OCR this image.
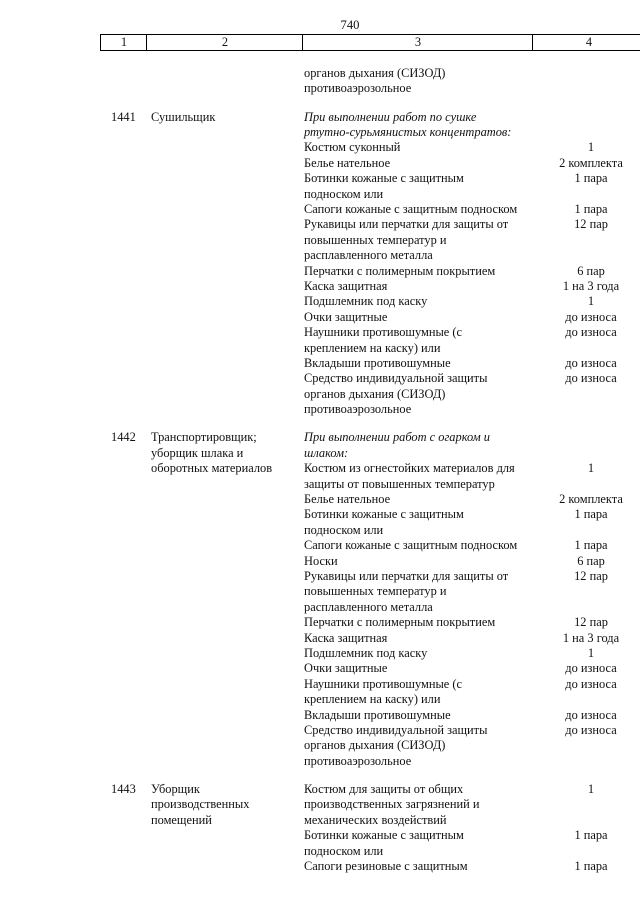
740
1	2	3	4
органов дыхания (СИЗОД)
противоаэрозольное
1441 Сушильщик	При выполнении работ по сушке
ртутно-сурьмянистых концентратов:
Костюм суконный	1
Белье нательное	2 комплекта
Ботинки кожаные с защитным	1 пара
подноском или
Сапоги кожаные с защитным подноском	1 пара
Рукавицы или перчатки для защиты от	12 пар
повышенных температур и
расплавленного металла
Перчатки с полимерным покрытием	6 пар
Каска защитная	1 на 3 года
Подшлемник под каску	1
Очки защитные	до износа
Наушники противошумные (с	до износа
креплением на каску) или
Вкладыши противошумные	до износа
Средство индивидуальной защиты	до износа
органов дыхания (СИЗОД)
противоаэрозольное
1442 Транспортировщик;	При выполнении работ с огарком и
уборщик шлака и	шлаком:
оборотных материалов	Костюм из огнестойких материалов для	1
защиты от повышенных температур
Белье нательное	2 комплекта
Ботинки кожаные с защитным	1 пара
подноском или
Сапоги кожаные с защитным подноском	1 пара
Носки	6 пар
Рукавицы или перчатки для защиты от	12 пар
повышенных температур и
расплавленного металла
Перчатки с полимерным покрытием	12 пар
Каска защитная	1 на 3 года
Подшлемник под каску	1
Очки защитные	до износа
Наушники противошумные (с	до износа
креплением на каску) или
Вкладыши противошумные	до износа
Средство индивидуальной защиты	до износа
органов дыхания (СИЗОД)
противоаэрозольное
1443 Уборщик	Костюм для защиты от общих	1
производственных	производственных загрязнений и
помещений	механических воздействий
Ботинки кожаные с защитным	1 пара
подноском или
Сапоги резиновые с защитным	1 пара
